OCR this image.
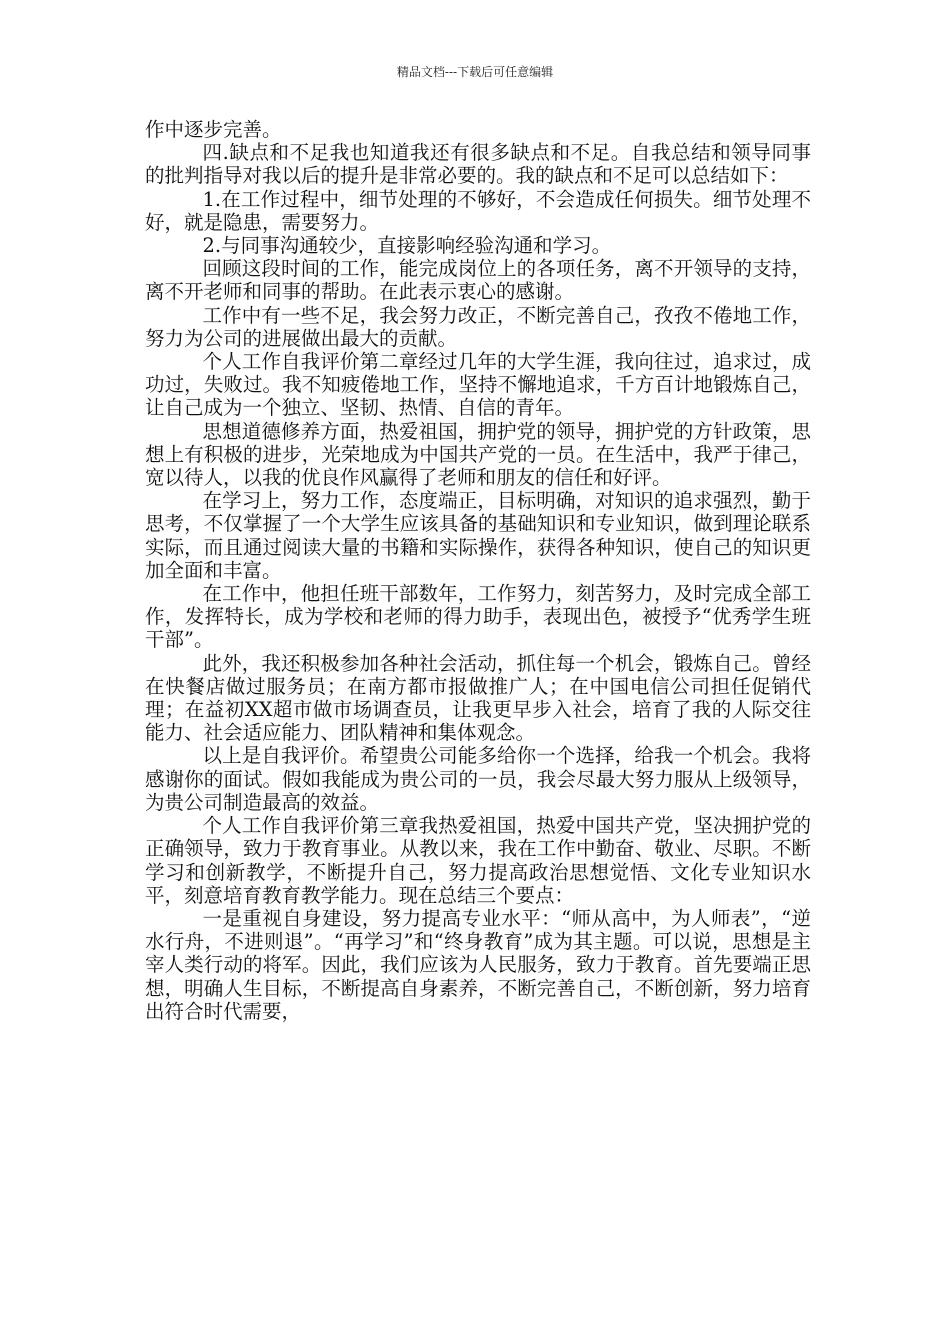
精品文档---下载后可任意编辑

作中逐步完善。

四.缺点和不足我也知道我还有很多缺点和不足。自我总结和领导同事的批判指导对我以后的提升是非常必要的。我的缺点和不足可以总结如下：

1.在工作过程中，细节处理的不够好，不会造成任何损失。细节处理不好，就是隐患，需要努力。

2.与同事沟通较少，直接影响经验沟通和学习。

回顾这段时间的工作，能完成岗位上的各项任务，离不开领导的支持，离不开老师和同事的帮助。在此表示衷心的感谢。

工作中有一些不足，我会努力改正，不断完善自己，孜孜不倦地工作，努力为公司的进展做出最大的贡献。

个人工作自我评价第二章经过几年的大学生涯，我向往过，追求过，成功过，失败过。我不知疲倦地工作，坚持不懈地追求，千方百计地锻炼自己，让自己成为一个独立、坚韧、热情、自信的青年。

思想道德修养方面，热爱祖国，拥护党的领导，拥护党的方针政策，思想上有积极的进步，光荣地成为中国共产党的一员。在生活中，我严于律己，宽以待人，以我的优良作风赢得了老师和朋友的信任和好评。

在学习上，努力工作，态度端正，目标明确，对知识的追求强烈，勤于思考，不仅掌握了一个大学生应该具备的基础知识和专业知识，做到理论联系实际，而且通过阅读大量的书籍和实际操作，获得各种知识，使自己的知识更加全面和丰富。

在工作中，他担任班干部数年，工作努力，刻苦努力，及时完成全部工作，发挥特长，成为学校和老师的得力助手，表现出色，被授予“优秀学生班干部”。

此外，我还积极参加各种社会活动，抓住每一个机会，锻炼自己。曾经在快餐店做过服务员；在南方都市报做推广人；在中国电信公司担任促销代理；在益初XX超市做市场调查员，让我更早步入社会，培育了我的人际交往能力、社会适应能力、团队精神和集体观念。

以上是自我评价。希望贵公司能多给你一个选择，给我一个机会。我将感谢你的面试。假如我能成为贵公司的一员，我会尽最大努力服从上级领导，为贵公司制造最高的效益。

个人工作自我评价第三章我热爱祖国，热爱中国共产党，坚决拥护党的正确领导，致力于教育事业。从教以来，我在工作中勤奋、敬业、尽职。不断学习和创新教学，不断提升自己，努力提高政治思想觉悟、文化专业知识水平，刻意培育教育教学能力。现在总结三个要点：

一是重视自身建设，努力提高专业水平：“师从高中，为人师表”，“逆水行舟，不进则退”。“再学习”和“终身教育”成为其主题。可以说，思想是主宰人类行动的将军。因此，我们应该为人民服务，致力于教育。首先要端正思想，明确人生目标，不断提高自身素养，不断完善自己，不断创新，努力培育出符合时代需要，
